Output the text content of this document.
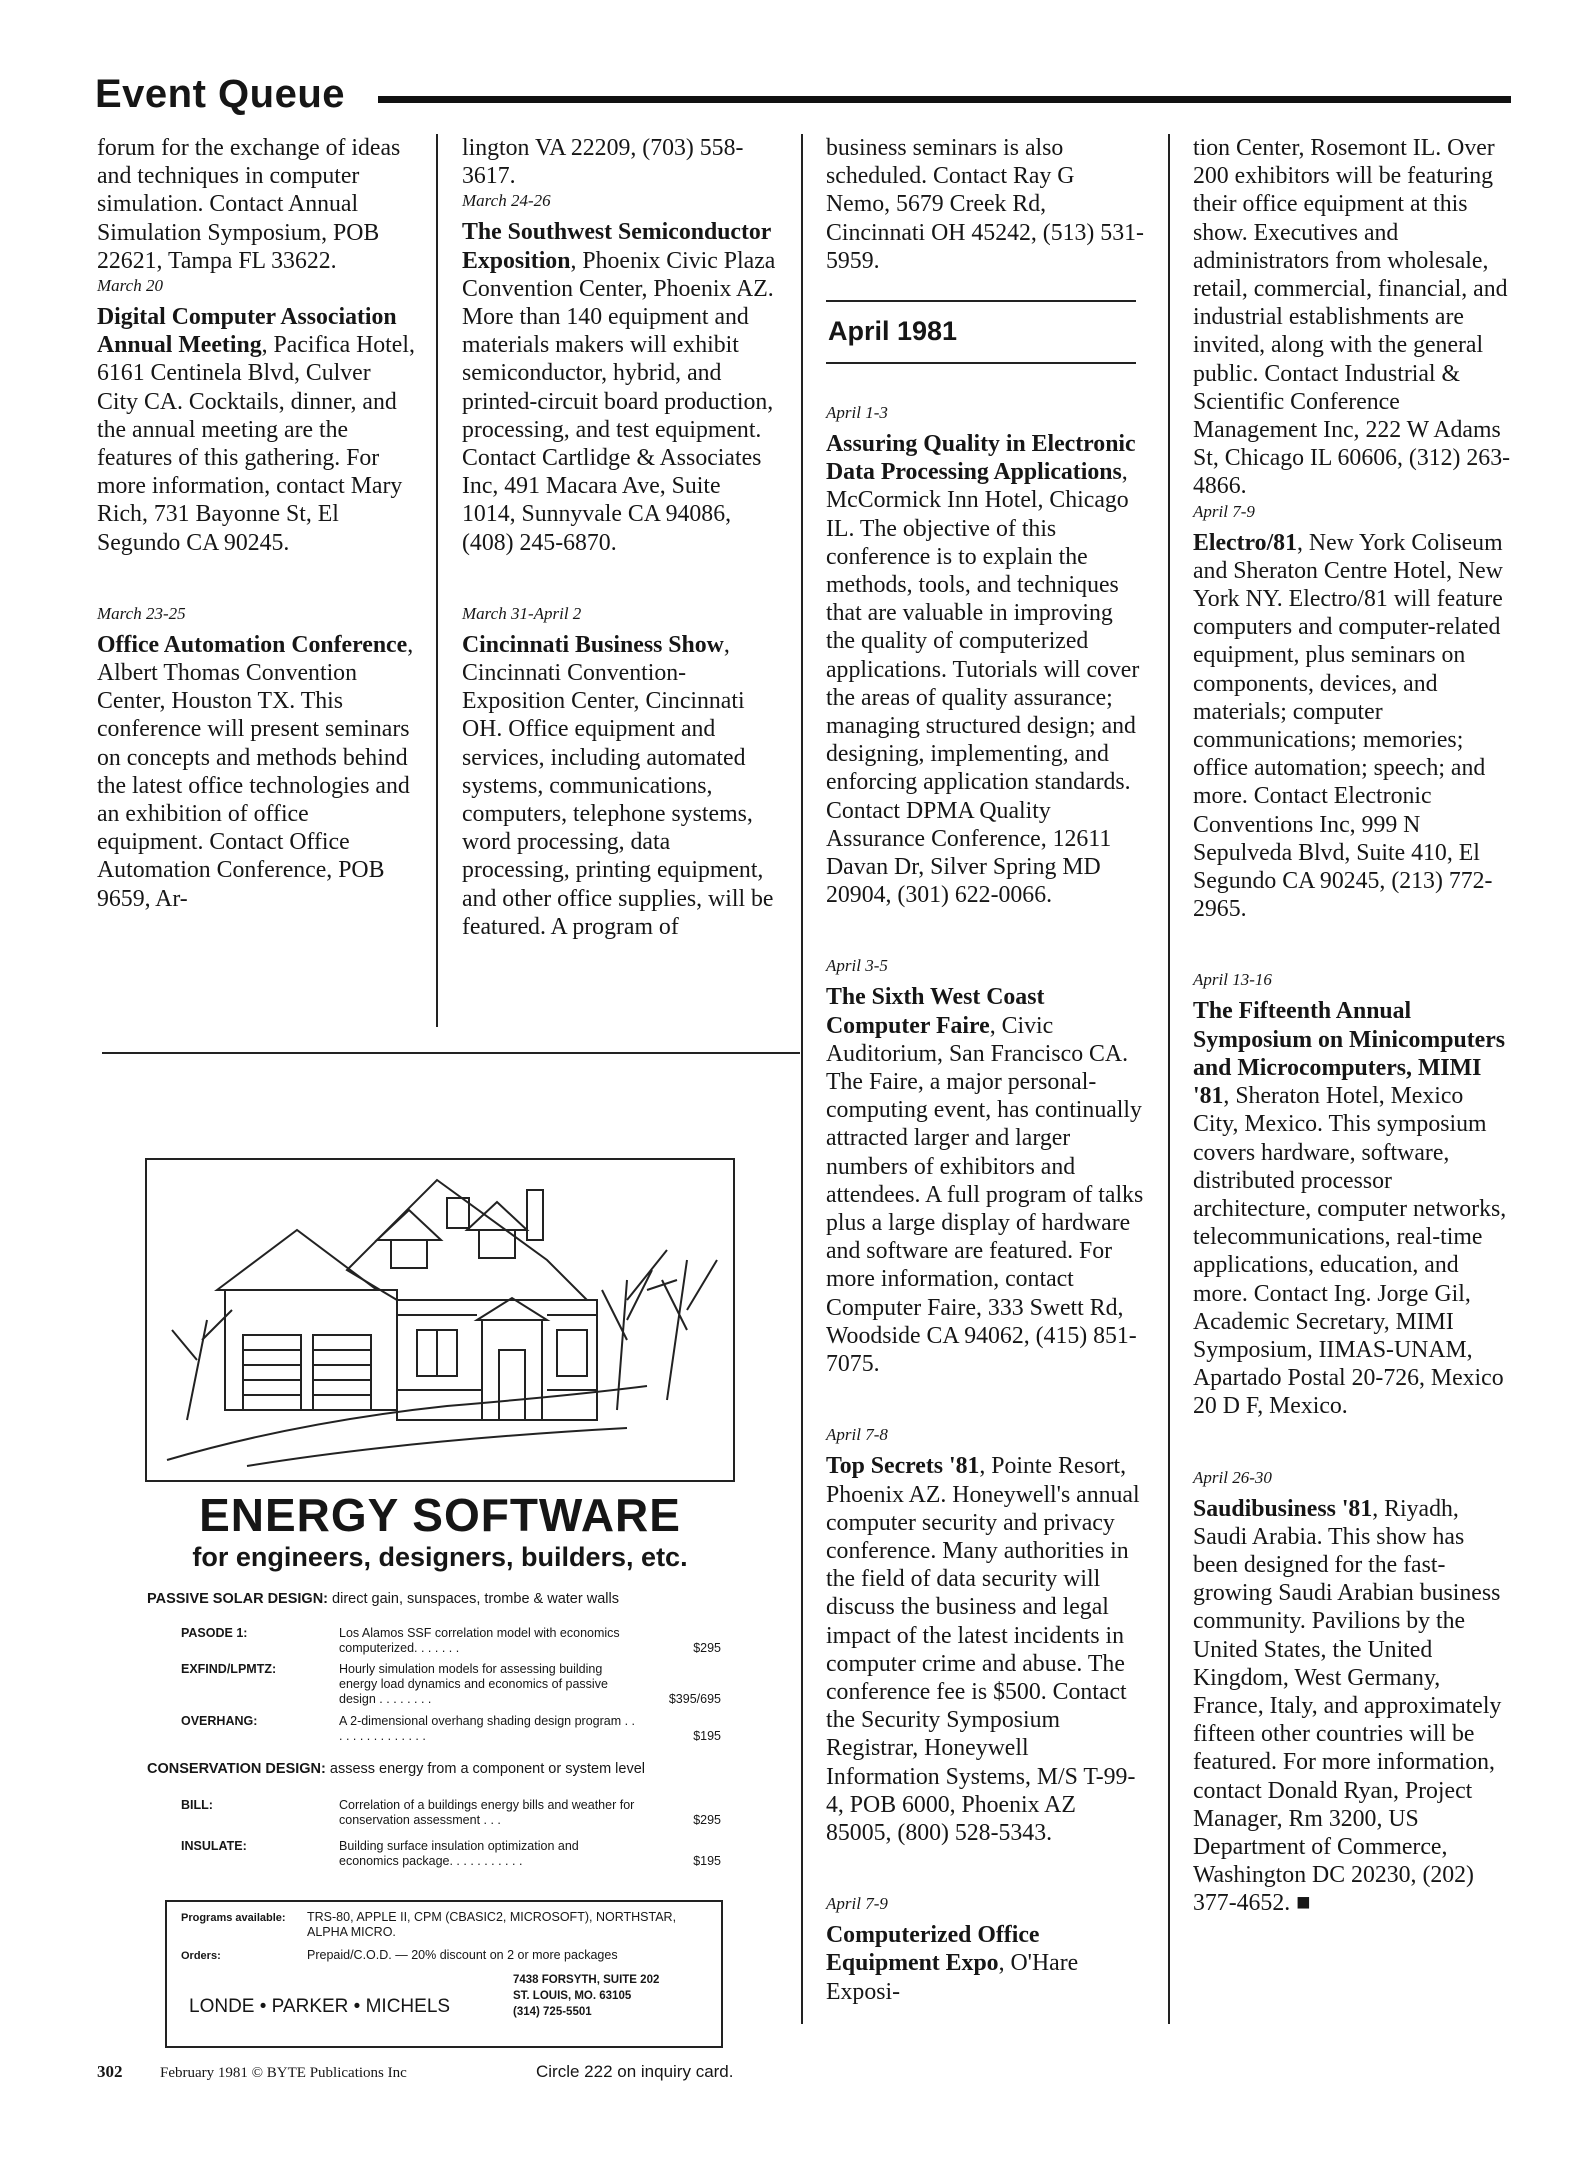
Event Queue

forum for the exchange of ideas and techniques in computer simulation. Contact Annual Simulation Symposium, POB 22621, Tampa FL 33622.

March 20
Digital Computer Association Annual Meeting, Pacifica Hotel, 6161 Centinela Blvd, Culver City CA. Cocktails, dinner, and the annual meeting are the features of this gathering. For more information, contact Mary Rich, 731 Bayonne St, El Segundo CA 90245.
March 23-25
Office Automation Conference, Albert Thomas Convention Center, Houston TX. This conference will present seminars on concepts and methods behind the latest office technologies and an exhibition of office equipment. Contact Office Automation Conference, POB 9659, Ar-

lington VA 22209, (703) 558-3617.

March 24-26
The Southwest Semiconductor Exposition, Phoenix Civic Plaza Convention Center, Phoenix AZ. More than 140 equipment and materials makers will exhibit semiconductor, hybrid, and printed-circuit board production, processing, and test equipment. Contact Cartlidge & Associates Inc, 491 Macara Ave, Suite 1014, Sunnyvale CA 94086, (408) 245-6870.
March 31-April 2
Cincinnati Business Show, Cincinnati Convention-Exposition Center, Cincinnati OH. Office equipment and services, including automated systems, communications, computers, telephone systems, word processing, data processing, printing equipment, and other office supplies, will be featured. A program of

business seminars is also scheduled. Contact Ray G Nemo, 5679 Creek Rd, Cincinnati OH 45242, (513) 531-5959.

April 1981
April 1-3
Assuring Quality in Electronic Data Processing Applications, McCormick Inn Hotel, Chicago IL. The objective of this conference is to explain the methods, tools, and techniques that are valuable in improving the quality of computerized applications. Tutorials will cover the areas of quality assurance; managing structured design; and designing, implementing, and enforcing application standards. Contact DPMA Quality Assurance Conference, 12611 Davan Dr, Silver Spring MD 20904, (301) 622-0066.
April 3-5
The Sixth West Coast Computer Faire, Civic Auditorium, San Francisco CA. The Faire, a major personal-computing event, has continually attracted larger and larger numbers of exhibitors and attendees. A full program of talks plus a large display of hardware and software are featured. For more information, contact Computer Faire, 333 Swett Rd, Woodside CA 94062, (415) 851-7075.
April 7-8
Top Secrets '81, Pointe Resort, Phoenix AZ. Honeywell's annual computer security and privacy conference. Many authorities in the field of data security will discuss the business and legal impact of the latest incidents in computer crime and abuse. The conference fee is $500. Contact the Security Symposium Registrar, Honeywell Information Systems, M/S T-99-4, POB 6000, Phoenix AZ 85005, (800) 528-5343.
April 7-9
Computerized Office Equipment Expo, O'Hare Exposi-

tion Center, Rosemont IL. Over 200 exhibitors will be featuring their office equipment at this show. Executives and administrators from wholesale, retail, commercial, financial, and industrial establishments are invited, along with the general public. Contact Industrial & Scientific Conference Management Inc, 222 W Adams St, Chicago IL 60606, (312) 263-4866.

April 7-9
Electro/81, New York Coliseum and Sheraton Centre Hotel, New York NY. Electro/81 will feature computers and computer-related equipment, plus seminars on components, devices, and materials; computer communications; memories; office automation; speech; and more. Contact Electronic Conventions Inc, 999 N Sepulveda Blvd, Suite 410, El Segundo CA 90245, (213) 772-2965.
April 13-16
The Fifteenth Annual Symposium on Minicomputers and Microcomputers, MIMI '81, Sheraton Hotel, Mexico City, Mexico. This symposium covers hardware, software, distributed processor architecture, computer networks, telecommunications, real-time applications, education, and more. Contact Ing. Jorge Gil, Academic Secretary, MIMI Symposium, IIMAS-UNAM, Apartado Postal 20-726, Mexico 20 D F, Mexico.
April 26-30
Saudibusiness '81, Riyadh, Saudi Arabia. This show has been designed for the fast-growing Saudi Arabian business community. Pavilions by the United States, the United Kingdom, West Germany, France, Italy, and approximately fifteen other countries will be featured. For more information, contact Donald Ryan, Project Manager, Rm 3200, US Department of Commerce, Washington DC 20230, (202) 377-4652. ■
ENERGY SOFTWARE
for engineers, designers, builders, etc.
PASSIVE SOLAR DESIGN: direct gain, sunspaces, trombe & water walls
PASODE 1:	Los Alamos SSF correlation model with economics computerized. . . . . . .	$295
EXFIND/LPMTZ:	Hourly simulation models for assessing building energy load dynamics and economics of passive design . . . . . . . .	$395/695
OVERHANG:	A 2-dimensional overhang shading design program . . . . . . . . . . . . . . .	$195
CONSERVATION DESIGN: assess energy from a component or system level
BILL:	Correlation of a buildings energy bills and weather for conservation assessment . . .	$295
INSULATE:	Building surface insulation optimization and economics package. . . . . . . . . . .	$195
Programs available: TRS-80, APPLE II, CPM (CBASIC2, MICROSOFT), NORTHSTAR, ALPHA MICRO.
Orders:	Prepaid/C.O.D. — 20% discount on 2 or more packages
LONDE • PARKER • MICHELS
7438 FORSYTH, SUITE 202
ST. LOUIS, MO. 63105
(314) 725-5501
302	February 1981 © BYTE Publications Inc	Circle 222 on inquiry card.
